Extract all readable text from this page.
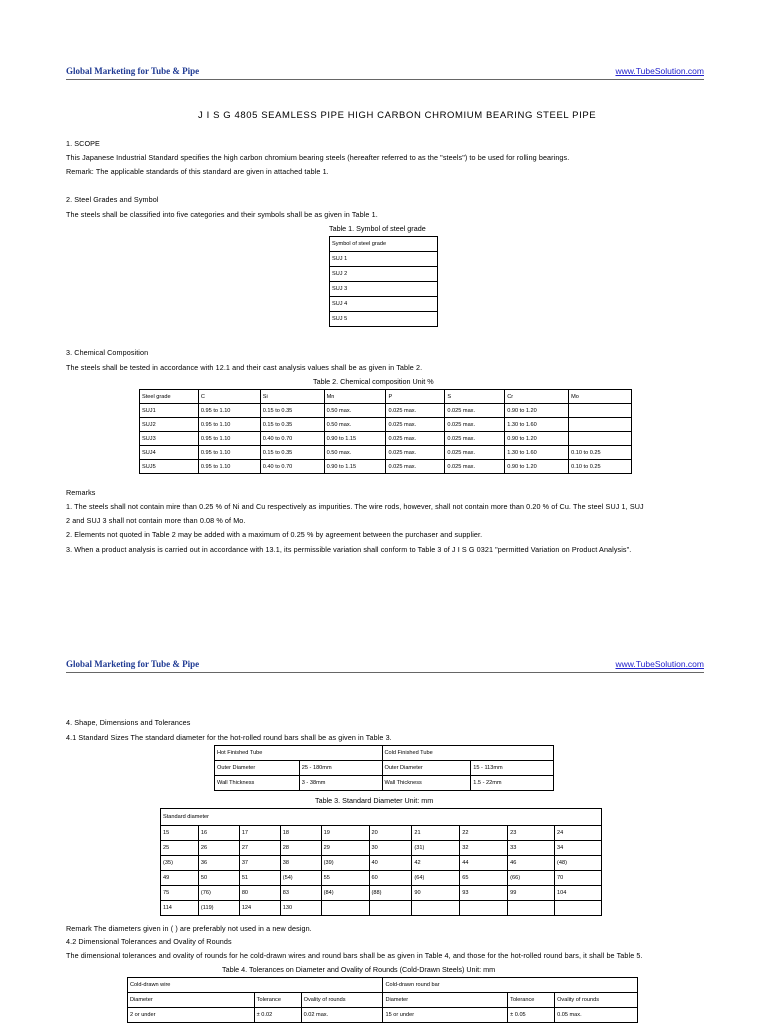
Global Marketing for Tube & Pipe	www.TubeSolution.com
J I S G 4805 SEAMLESS PIPE HIGH CARBON CHROMIUM BEARING STEEL PIPE
1. SCOPE
This Japanese Industrial Standard specifies the high carbon chromium bearing steels (hereafter referred to as the "steels") to be used for rolling bearings.
Remark: The applicable standards of this standard are given in attached table 1.
2. Steel Grades and Symbol
The steels shall be classified into five categories and their symbols shall be as given in Table 1.
Table 1. Symbol of steel grade
Symbol of steel grade
SUJ 1
SUJ 2
SUJ 3
SUJ 4
SUJ 5
3. Chemical Composition
The steels shall be tested in accordance with 12.1 and their cast analysis values shall be as given in Table 2.
Table 2. Chemical composition Unit %
Steel grade	C	Si	Mn	P	S	Cr	Mo
SUJ1	0.95 to 1.10	0.15 to 0.35	0.50 max.	0.025 max.	0.025 max.	0.90 to 1.20	
SUJ2	0.95 to 1.10	0.15 to 0.35	0.50 max.	0.025 max.	0.025 max.	1.30 to 1.60	
SUJ3	0.95 to 1.10	0.40 to 0.70	0.90 to 1.15	0.025 max.	0.025 max.	0.90 to 1.20	
SUJ4	0.95 to 1.10	0.15 to 0.35	0.50 max.	0.025 max.	0.025 max.	1.30 to 1.60	0.10 to 0.25
SUJ5	0.95 to 1.10	0.40 to 0.70	0.90 to 1.15	0.025 max.	0.025 max.	0.90 to 1.20	0.10 to 0.25
Remarks
1. The steels shall not contain mire than 0.25 % of Ni and Cu respectively as impurities. The wire rods, however, shall not contain more than 0.20 % of Cu. The steel SUJ 1, SUJ
2 and SUJ 3 shall not contain more than 0.08 % of Mo.
2. Elements not quoted in Table 2 may be added with a maximum of 0.25 % by agreement between the purchaser and supplier.
3. When a product analysis is carried out in accordance with 13.1, its permissible variation shall conform to Table 3 of J I S G 0321 "permitted Variation on Product Analysis".
Global Marketing for Tube & Pipe	www.TubeSolution.com
4. Shape, Dimensions and Tolerances
4.1 Standard Sizes The standard diameter for the hot-rolled round bars shall be as given in Table 3.
Hot Finished Tube		Cold Finished Tube	
Outer Diameter	25 - 180mm	Outer Diameter	15 - 113mm
Wall Thickness	3 - 38mm	Wall Thickness	1.5 - 22mm
Table 3. Standard Diameter Unit: mm
Standard diameter									
15	16	17	18	19	20	21	22	23	24
25	26	27	28	29	30	(31)	32	33	34
(35)	36	37	38	(39)	40	42	44	46	(48)
49	50	51	(54)	55	60	(64)	65	(66)	70
75	(76)	80	83	(84)	(88)	90	93	99	104
114	(119)	124	130						
Remark The diameters given in ( ) are preferably not used in a new design.
4.2 Dimensional Tolerances and Ovality of Rounds
The dimensional tolerances and ovality of rounds for he cold-drawn wires and round bars shall be as given in Table 4, and those for the hot-rolled round bars, it shall be Table 5.
Table 4. Tolerances on Diameter and Ovality of Rounds (Cold-Drawn Steels) Unit: mm
Cold-drawn wire			Cold-drawn round bar		
Diameter	Tolerance	Ovality of rounds	Diameter	Tolerance	Ovality of rounds
2 or under	± 0.02	0.02 max.	15 or under	± 0.05	0.05 max.
